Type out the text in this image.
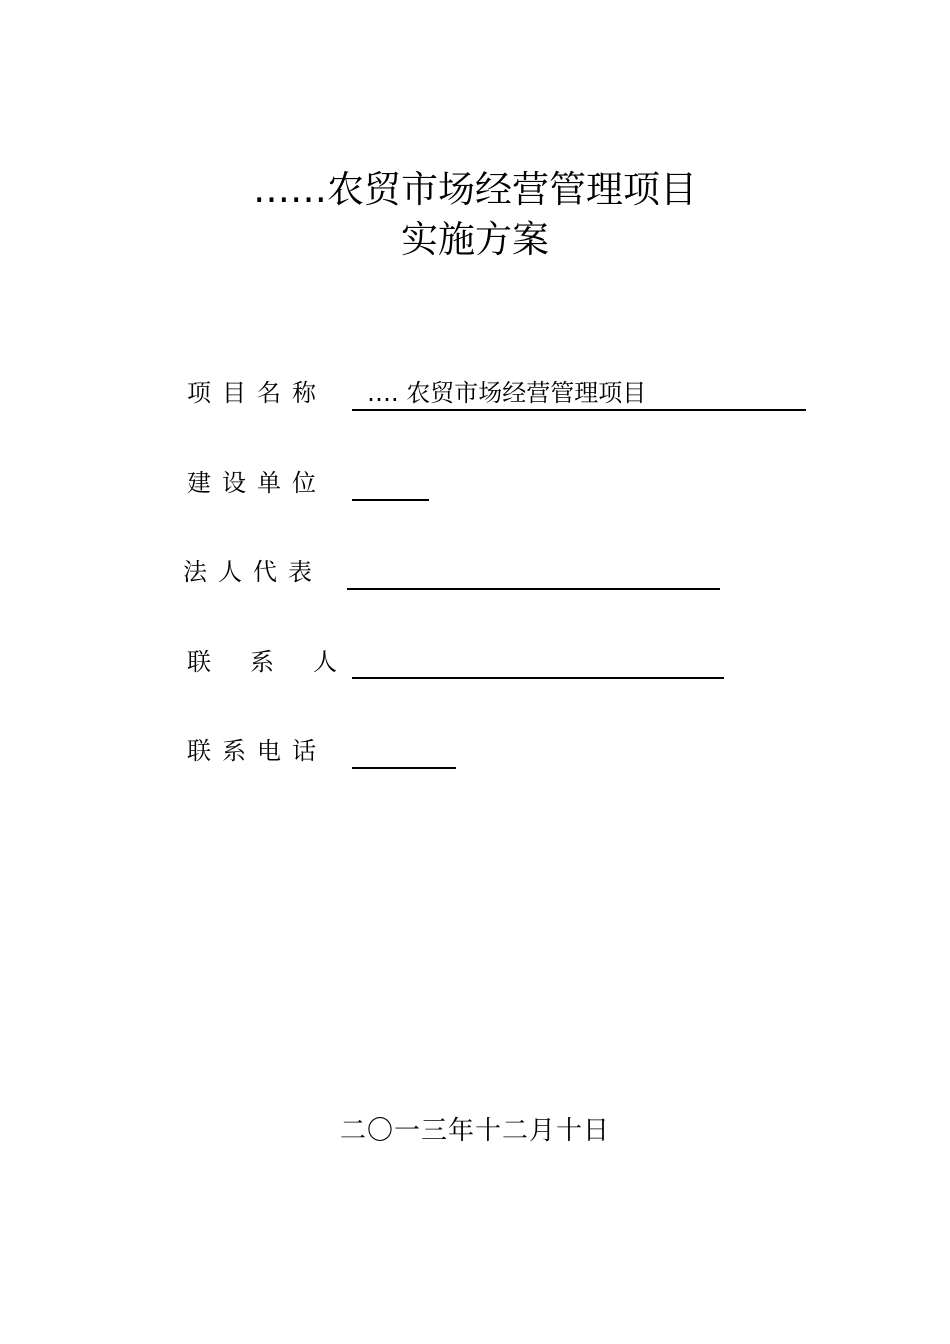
……农贸市场经营管理项目
实施方案
项目名称 …. 农贸市场经营管理项目
建设单位
法人代表
联系人
联系电话
二〇一三年十二月十日
